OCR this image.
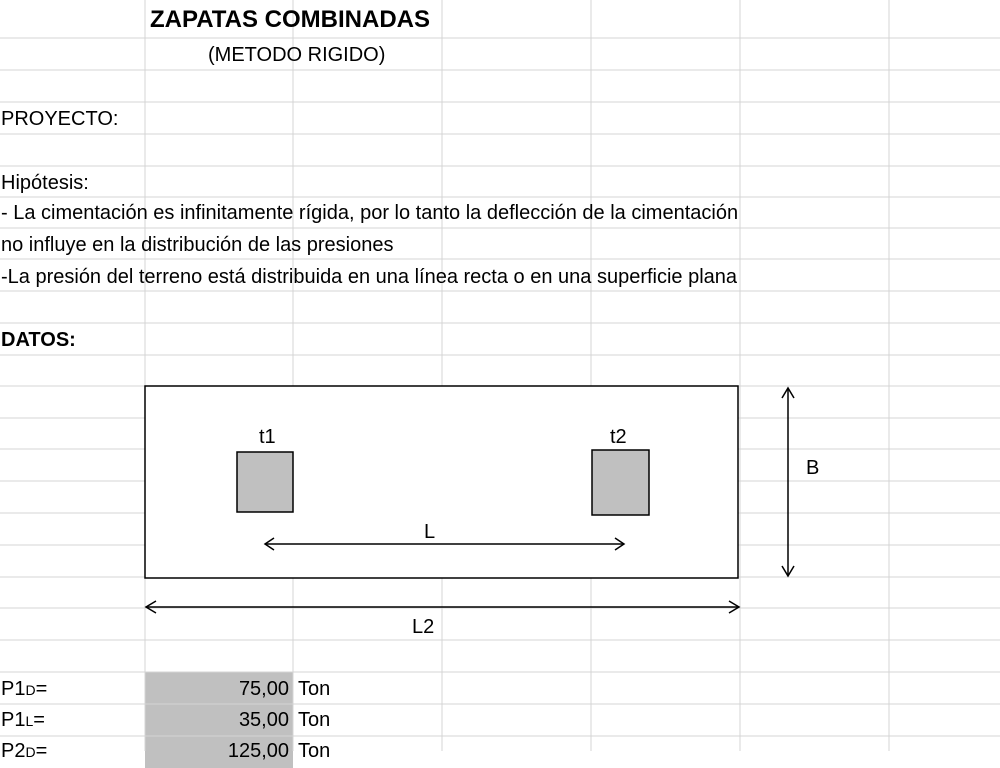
ZAPATAS COMBINADAS
(METODO RIGIDO)
PROYECTO:
Hipótesis:
- La cimentación es infinitamente rígida, por lo tanto la deflección de la cimentación
no influye en la distribución de las presiones
-La presión del terreno está distribuida en una línea recta o en una superficie plana
DATOS:
t1	t2
L
L2
B
P1D=	75,00 Ton
P1L=	35,00 Ton
P2D=	125,00 Ton
